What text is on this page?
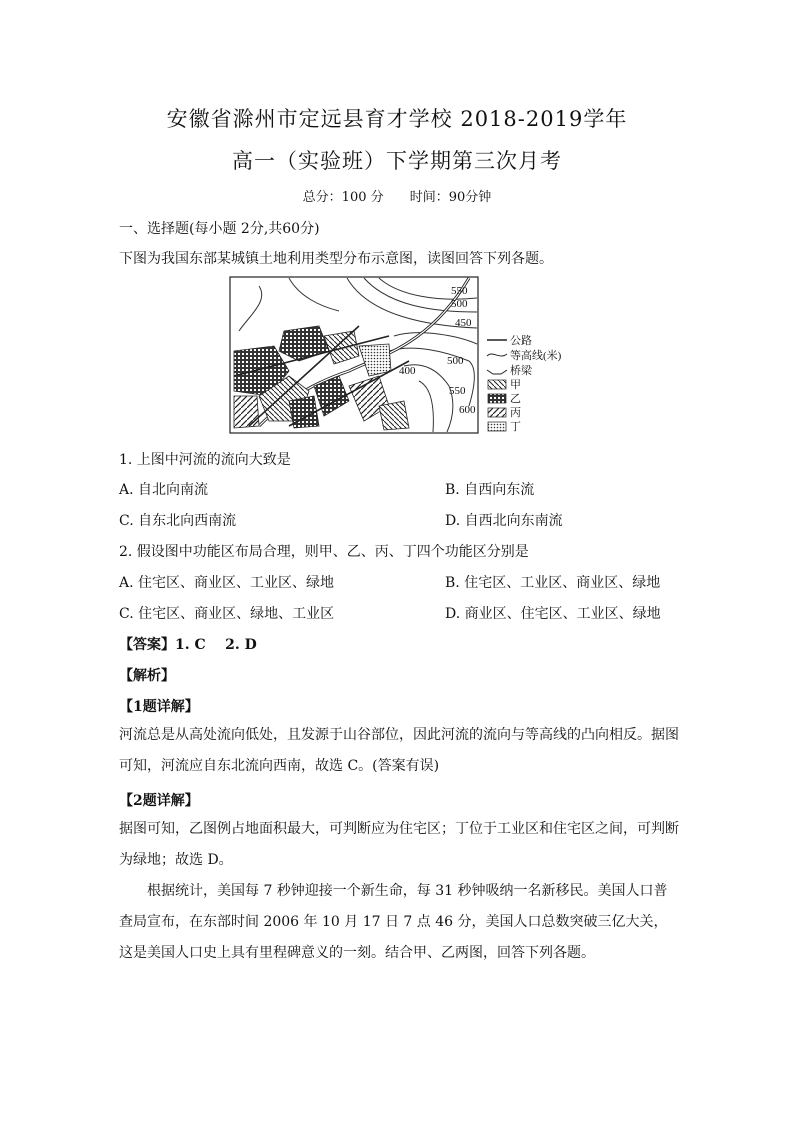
安徽省滁州市定远县育才学校 2018-2019学年
高一（实验班）下学期第三次月考
总分：100 分 时间：90分钟
一、选择题(每小题 2分,共60分)
下图为我国东部某城镇土地利用类型分布示意图，读图回答下列各题。
550
500
450
500
400
550
600
公路
等高线(米)
桥梁
甲
乙
丙
丁
1. 上图中河流的流向大致是
A. 自北向南流	B. 自西向东流
C. 自东北向西南流	D. 自西北向东南流
2. 假设图中功能区布局合理，则甲、乙、丙、丁四个功能区分别是
A. 住宅区、商业区、工业区、绿地	B. 住宅区、工业区、商业区、绿地
C. 住宅区、商业区、绿地、工业区	D. 商业区、住宅区、工业区、绿地
【答案】1. C    2. D
【解析】
【1题详解】
河流总是从高处流向低处，且发源于山谷部位，因此河流的流向与等高线的凸向相反。据图可知，河流应自东北流向西南，故选 C。(答案有误)
【2题详解】
据图可知，乙图例占地面积最大，可判断应为住宅区；丁位于工业区和住宅区之间，可判断为绿地；故选 D。
根据统计，美国每 7 秒钟迎接一个新生命，每 31 秒钟吸纳一名新移民。美国人口普查局宣布，在东部时间 2006 年 10 月 17 日 7 点 46 分，美国人口总数突破三亿大关，这是美国人口史上具有里程碑意义的一刻。结合甲、乙两图，回答下列各题。
